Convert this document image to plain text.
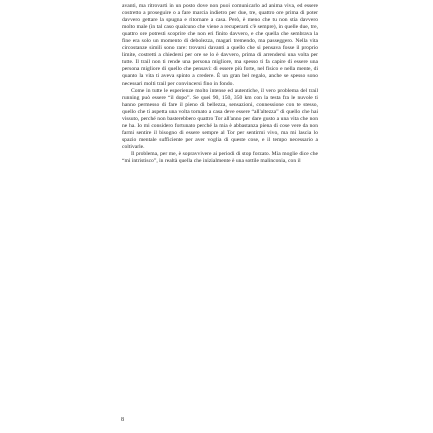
avanti, ma ritrovarti in un posto dove non puoi comunicarlo ad anima viva, ed essere costretto a proseguire o a fare marcia indietro per due, tre, quattro ore prima di poter davvero gettare la spugna e ritornare a casa. Però, è meno che tu non stia davvero molto male (in tal caso qualcuno che viene a recuperarti c'è sempre), in quelle due, tre, quattro ore potresti scoprire che non eri finito davvero, e che quella che sembrava la fine era solo un momento di debolezza, magari tremendo, ma passeggero. Nella vita circostanze simili sono rare: trovarsi davanti a quello che si pensava fosse il proprio limite, costretti a chiedersi per ore se lo è davvero, prima di arrendersi una volta per tutte. Il trail non ti rende una persona migliore, ma spesso ti fa capire di essere una persona migliore di quello che pensavi: di essere più forte, nel fisico e nella mente, di quanto la vita ti aveva spinto a credere. È un gran bel regalo, anche se spesso sono necessari molti trail per convincersi fino in fondo.

Come in tutte le esperienze molto intense ed autentiche, il vero problema del trail running può essere “il dopo”. Se quei 90, 150, 350 km con la testa fra le nuvole ti hanno permesso di fare il pieno di bellezza, sensazioni, connessione con te stesso, quello che ti aspetta una volta tornato a casa deve essere “all'altezza” di quello che hai vissuto, perché non basterebbero quattro Tor all'anno per dare gusto a una vita che non ne ha. Io mi considero fortunato perché la mia è abbastanza piena di cose vere da non farmi sentire il bisogno di essere sempre al Tor per sentirmi vivo, ma mi lascia lo spazio mentale sufficiente per aver voglia di queste cose, e il tempo necessario a coltivarle.

Il problema, per me, è sopravvivere ai periodi di stop forzato. Mia moglie dice che “mi intristisco”, in realtà quella che inizialmente è una sottile malinconia, con il

8
